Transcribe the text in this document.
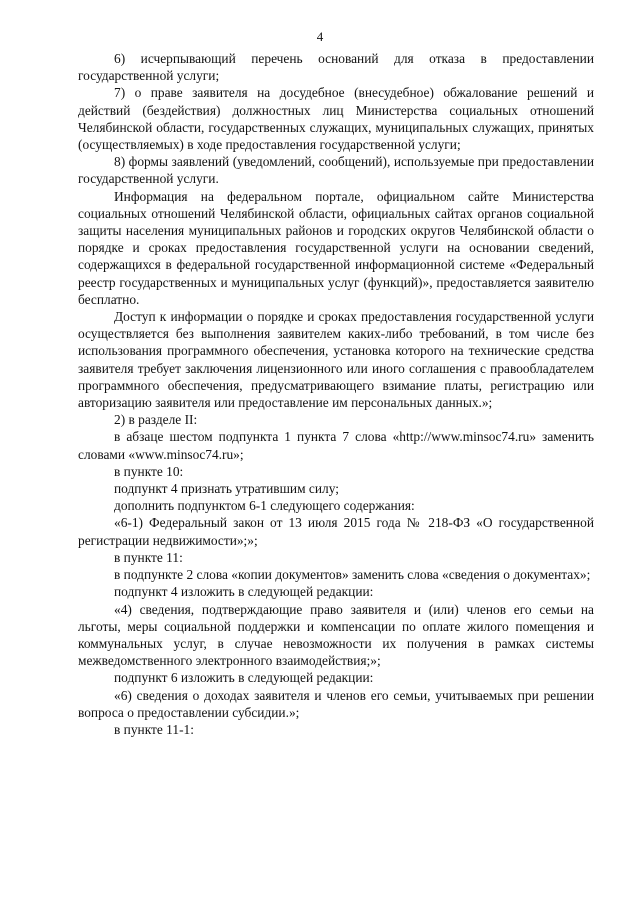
4

6) исчерпывающий перечень оснований для отказа в предоставлении государственной услуги;

7) о праве заявителя на досудебное (внесудебное) обжалование решений и действий (бездействия) должностных лиц Министерства социальных отношений Челябинской области, государственных служащих, муниципальных служащих, принятых (осуществляемых) в ходе предоставления государственной услуги;

8) формы заявлений (уведомлений, сообщений), используемые при предоставлении государственной услуги.

Информация на федеральном портале, официальном сайте Министерства социальных отношений Челябинской области, официальных сайтах органов социальной защиты населения муниципальных районов и городских округов Челябинской области о порядке и сроках предоставления государственной услуги на основании сведений, содержащихся в федеральной государственной информационной системе «Федеральный реестр государственных и муниципальных услуг (функций)», предоставляется заявителю бесплатно.

Доступ к информации о порядке и сроках предоставления государственной услуги осуществляется без выполнения заявителем каких-либо требований, в том числе без использования программного обеспечения, установка которого на технические средства заявителя требует заключения лицензионного или иного соглашения с правообладателем программного обеспечения, предусматривающего взимание платы, регистрацию или авторизацию заявителя или предоставление им персональных данных.»;

2) в разделе II:

в абзаце шестом подпункта 1 пункта 7 слова «http://www.minsoc74.ru» заменить словами «www.minsoc74.ru»;

в пункте 10:

подпункт 4 признать утратившим силу;

дополнить подпунктом 6-1 следующего содержания:

«6-1) Федеральный закон от 13 июля 2015 года № 218-ФЗ «О государственной регистрации недвижимости»;»;

в пункте 11:

в подпункте 2 слова «копии документов» заменить слова «сведения о документах»;

подпункт 4 изложить в следующей редакции:

«4) сведения, подтверждающие право заявителя и (или) членов его семьи на льготы, меры социальной поддержки и компенсации по оплате жилого помещения и коммунальных услуг, в случае невозможности их получения в рамках системы межведомственного электронного взаимодействия;»;

подпункт 6 изложить в следующей редакции:

«6) сведения о доходах заявителя и членов его семьи, учитываемых при решении вопроса о предоставлении субсидии.»;

в пункте 11-1:
